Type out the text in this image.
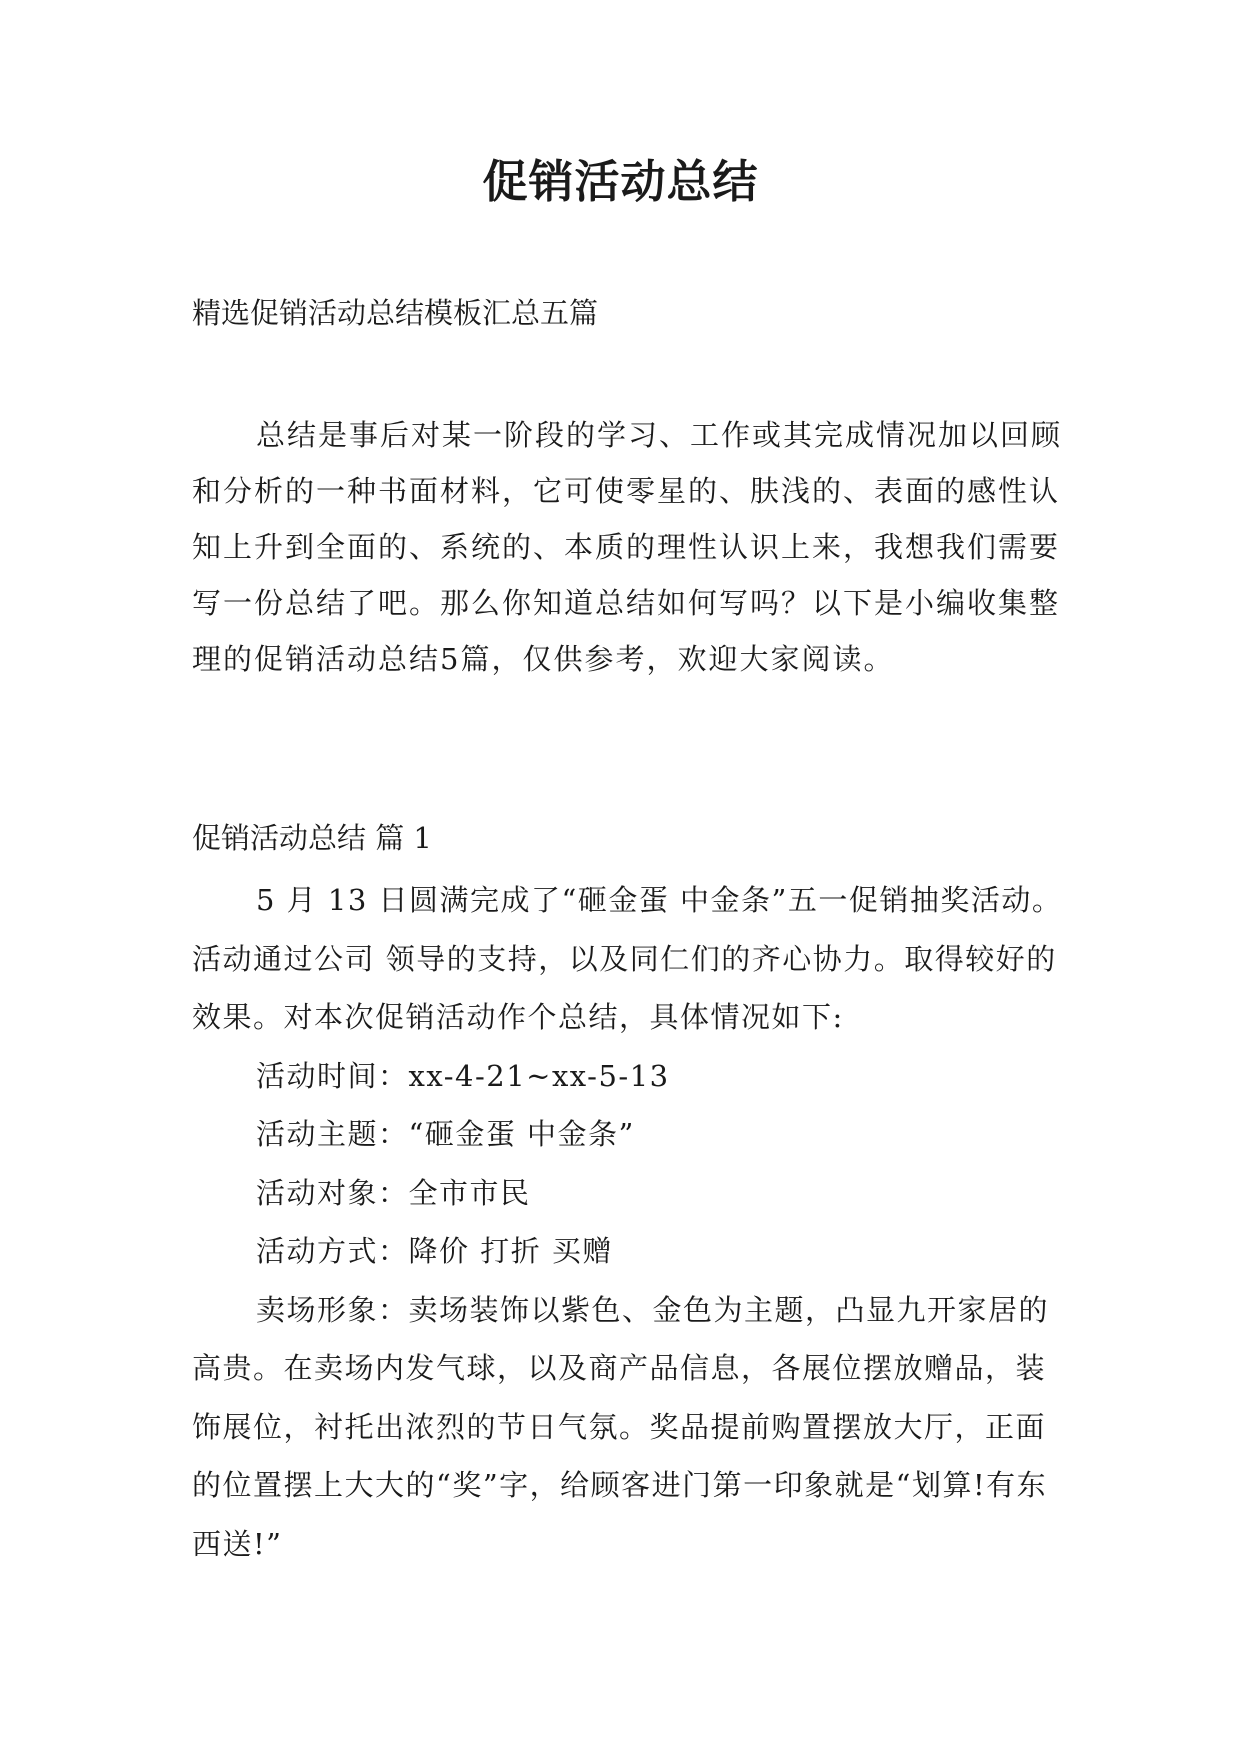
促销活动总结

精选促销活动总结模板汇总五篇

总结是事后对某一阶段的学习、工作或其完成情况加以回顾和分析的一种书面材料，它可使零星的、肤浅的、表面的感性认知上升到全面的、系统的、本质的理性认识上来，我想我们需要写一份总结了吧。那么你知道总结如何写吗？以下是小编收集整理的促销活动总结5篇，仅供参考，欢迎大家阅读。

促销活动总结 篇 1

5 月 13 日圆满完成了“砸金蛋 中金条”五一促销抽奖活动。活动通过公司 领导的支持，以及同仁们的齐心协力。取得较好的效果。对本次促销活动作个总结，具体情况如下:

活动时间：xx-4-21~xx-5-13

活动主题：“砸金蛋 中金条”

活动对象：全市市民

活动方式：降价 打折 买赠

卖场形象：卖场装饰以紫色、金色为主题，凸显九开家居的高贵。在卖场内发气球，以及商产品信息，各展位摆放赠品，装饰展位，衬托出浓烈的节日气氛。奖品提前购置摆放大厅，正面的位置摆上大大的“奖”字，给顾客进门第一印象就是“划算!有东西送!”
